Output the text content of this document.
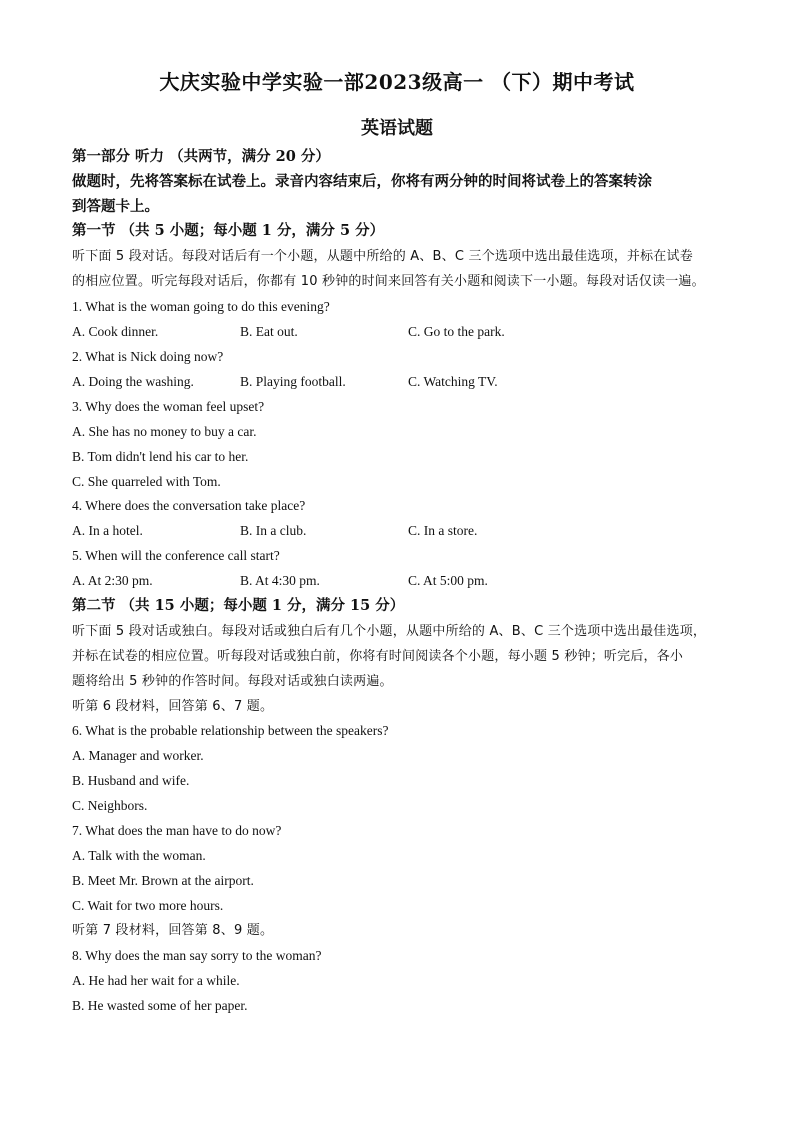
大庆实验中学实验一部2023级高一 （下）期中考试
英语试题
第一部分 听力 （共两节，满分 20 分）
做题时，先将答案标在试卷上。录音内容结束后，你将有两分钟的时间将试卷上的答案转涂
到答题卡上。
第一节 （共 5 小题；每小题 1 分，满分 5 分）
听下面 5 段对话。每段对话后有一个小题，从题中所给的 A、B、C 三个选项中选出最佳选项，并标在试卷
的相应位置。听完每段对话后，你都有 10 秒钟的时间来回答有关小题和阅读下一小题。每段对话仅读一遍。
1. What is the woman going to do this evening?
A. Cook dinner.	B. Eat out.	C. Go to the park.
2. What is Nick doing now?
A. Doing the washing.	B. Playing football.	C. Watching TV.
3. Why does the woman feel upset?
A. She has no money to buy a car.
B. Tom didn't lend his car to her.
C. She quarreled with Tom.
4. Where does the conversation take place?
A. In a hotel.	B. In a club.	C. In a store.
5. When will the conference call start?
A. At 2:30 pm.	B. At 4:30 pm.	C. At 5:00 pm.
第二节 （共 15 小题；每小题 1 分，满分 15 分）
听下面 5 段对话或独白。每段对话或独白后有几个小题，从题中所给的 A、B、C 三个选项中选出最佳选项，
并标在试卷的相应位置。听每段对话或独白前，你将有时间阅读各个小题，每小题 5 秒钟；听完后，各小
题将给出 5 秒钟的作答时间。每段对话或独白读两遍。
听第 6 段材料，回答第 6、7 题。
6. What is the probable relationship between the speakers?
A. Manager and worker.
B. Husband and wife.
C. Neighbors.
7. What does the man have to do now?
A. Talk with the woman.
B. Meet Mr. Brown at the airport.
C. Wait for two more hours.
听第 7 段材料，回答第 8、9 题。
8. Why does the man say sorry to the woman?
A. He had her wait for a while.
B. He wasted some of her paper.
